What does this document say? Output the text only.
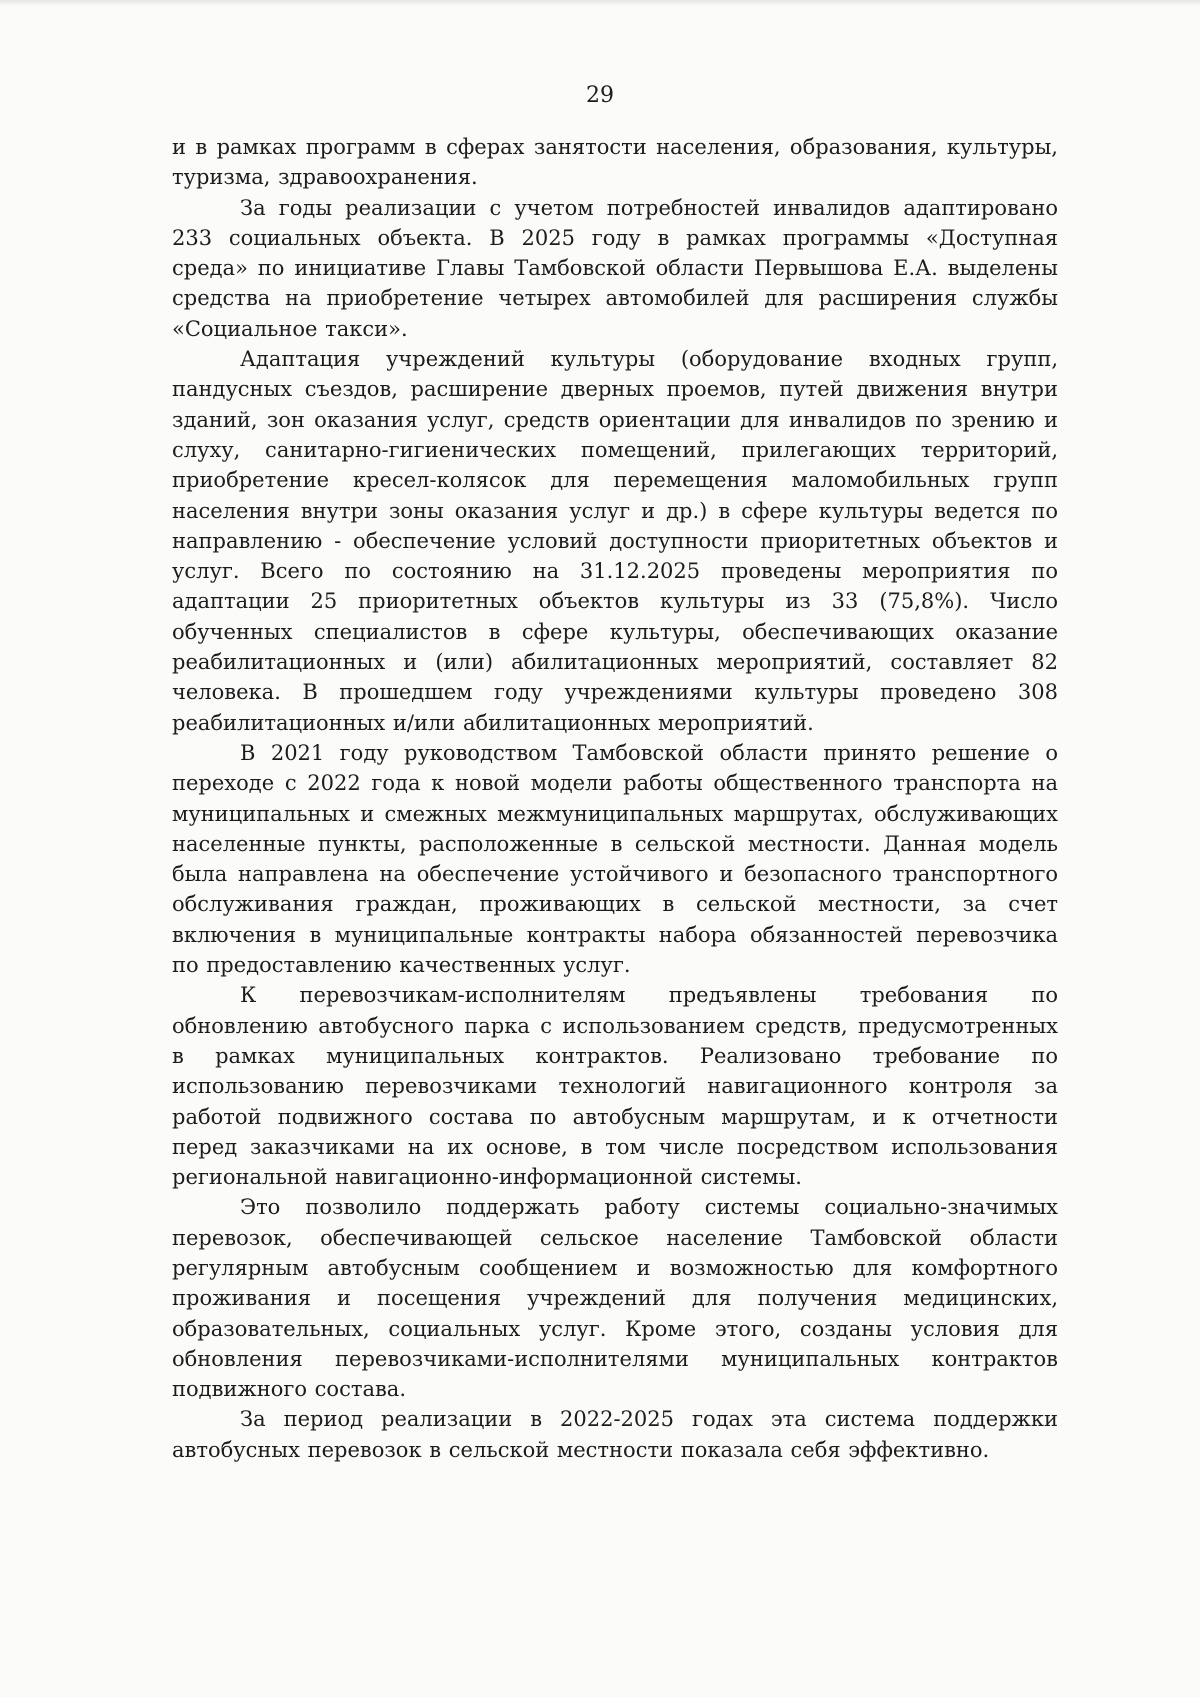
29

и в рамках программ в сферах занятости населения, образования, культуры, туризма, здравоохранения.

За годы реализации с учетом потребностей инвалидов адаптировано 233 социальных объекта. В 2025 году в рамках программы «Доступная среда» по инициативе Главы Тамбовской области Первышова Е.А. выделены средства на приобретение четырех автомобилей для расширения службы «Социальное такси».

Адаптация учреждений культуры (оборудование входных групп, пандусных съездов, расширение дверных проемов, путей движения внутри зданий, зон оказания услуг, средств ориентации для инвалидов по зрению и слуху, санитарно-гигиенических помещений, прилегающих территорий, приобретение кресел-колясок для перемещения маломобильных групп населения внутри зоны оказания услуг и др.) в сфере культуры ведется по направлению - обеспечение условий доступности приоритетных объектов и услуг. Всего по состоянию на 31.12.2025 проведены мероприятия по адаптации 25 приоритетных объектов культуры из 33 (75,8%). Число обученных специалистов в сфере культуры, обеспечивающих оказание реабилитационных и (или) абилитационных мероприятий, составляет 82 человека. В прошедшем году учреждениями культуры проведено 308 реабилитационных и/или абилитационных мероприятий.

В 2021 году руководством Тамбовской области принято решение о переходе с 2022 года к новой модели работы общественного транспорта на муниципальных и смежных межмуниципальных маршрутах, обслуживающих населенные пункты, расположенные в сельской местности. Данная модель была направлена на обеспечение устойчивого и безопасного транспортного обслуживания граждан, проживающих в сельской местности, за счет включения в муниципальные контракты набора обязанностей перевозчика по предоставлению качественных услуг.

К перевозчикам-исполнителям предъявлены требования по обновлению автобусного парка с использованием средств, предусмотренных в рамках муниципальных контрактов. Реализовано требование по использованию перевозчиками технологий навигационного контроля за работой подвижного состава по автобусным маршрутам, и к отчетности перед заказчиками на их основе, в том числе посредством использования региональной навигационно-информационной системы.

Это позволило поддержать работу системы социально-значимых перевозок, обеспечивающей сельское население Тамбовской области регулярным автобусным сообщением и возможностью для комфортного проживания и посещения учреждений для получения медицинских, образовательных, социальных услуг. Кроме этого, созданы условия для обновления перевозчиками-исполнителями муниципальных контрактов подвижного состава.

За период реализации в 2022-2025 годах эта система поддержки автобусных перевозок в сельской местности показала себя эффективно.
